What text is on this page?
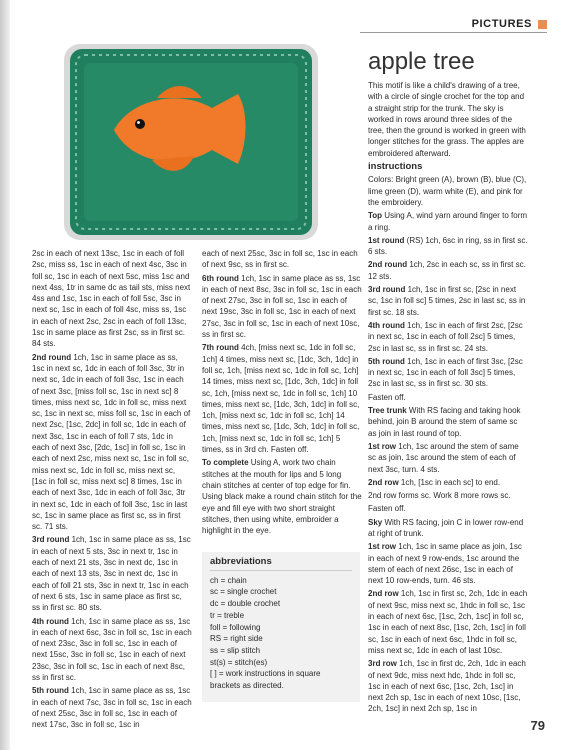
PICTURES

2sc in each of next 13sc, 1sc in each of foll 2sc, miss ss, 1sc in each of next 4sc, 3sc in foll sc, 1sc in each of next 5sc, miss 1sc and next 4ss, 1tr in same dc as tail sts, miss next 4ss and 1sc, 1sc in each of foll 5sc, 3sc in next sc, 1sc in each of foll 4sc, miss ss, 1sc in each of next 2sc, 2sc in each of foll 13sc, 1sc in same place as first 2sc, ss in first sc. 84 sts.

2nd round 1ch, 1sc in same place as ss, 1sc in next sc, 1dc in each of foll 3sc, 3tr in next sc, 1dc in each of foll 3sc, 1sc in each of next 3sc, [miss foll sc, 1sc in next sc] 8 times, miss next sc, 1dc in foll sc, miss next sc, 1sc in next sc, miss foll sc, 1sc in each of next 2sc, [1sc, 2dc] in foll sc, 1dc in each of next 3sc, 1sc in each of foll 7 sts, 1dc in each of next 3sc, [2dc, 1sc] in foll sc, 1sc in each of next 2sc, miss next sc, 1sc in foll sc, miss next sc, 1dc in foll sc, miss next sc, [1sc in foll sc, miss next sc] 8 times, 1sc in each of next 3sc, 1dc in each of foll 3sc, 3tr in next sc, 1dc in each of foll 3sc, 1sc in last sc, 1sc in same place as first sc, ss in first sc. 71 sts.

3rd round 1ch, 1sc in same place as ss, 1sc in each of next 5 sts, 3sc in next tr, 1sc in each of next 21 sts, 3sc in next dc, 1sc in each of next 13 sts, 3sc in next dc, 1sc in each of foll 21 sts, 3sc in next tr, 1sc in each of next 6 sts, 1sc in same place as first sc, ss in first sc. 80 sts.

4th round 1ch, 1sc in same place as ss, 1sc in each of next 6sc, 3sc in foll sc, 1sc in each of next 23sc, 3sc in foll sc, 1sc in each of next 15sc, 3sc in foll sc, 1sc in each of next 23sc, 3sc in foll sc, 1sc in each of next 8sc, ss in first sc.

5th round 1ch, 1sc in same place as ss, 1sc in each of next 7sc, 3sc in foll sc, 1sc in each of next 25sc, 3sc in foll sc, 1sc in each of next 17sc, 3sc in foll sc, 1sc in

each of next 25sc, 3sc in foll sc, 1sc in each of next 9sc, ss in first sc.

6th round 1ch, 1sc in same place as ss, 1sc in each of next 8sc, 3sc in foll sc, 1sc in each of next 27sc, 3sc in foll sc, 1sc in each of next 19sc, 3sc in foll sc, 1sc in each of next 27sc, 3sc in foll sc, 1sc in each of next 10sc, ss in first sc.

7th round 4ch, [miss next sc, 1dc in foll sc, 1ch] 4 times, miss next sc, [1dc, 3ch, 1dc] in foll sc, 1ch, [miss next sc, 1dc in foll sc, 1ch] 14 times, miss next sc, [1dc, 3ch, 1dc] in foll sc, 1ch, [miss next sc, 1dc in foll sc, 1ch] 10 times, miss next sc, [1dc, 3ch, 1dc] in foll sc, 1ch, [miss next sc, 1dc in foll sc, 1ch] 14 times, miss next sc, [1dc, 3ch, 1dc] in foll sc, 1ch, [miss next sc, 1dc in foll sc, 1ch] 5 times, ss in 3rd ch. Fasten off.

To complete Using A, work two chain stitches at the mouth for lips and 5 long chain stitches at center of top edge for fin. Using black make a round chain stitch for the eye and fill eye with two short straight stitches, then using white, embroider a highlight in the eye.

abbreviations

ch = chain

sc = single crochet

dc = double crochet

tr = treble

foll = following

RS = right side

ss = slip stitch

st(s) = stitch(es)

[ ] = work instructions in square brackets as directed.

apple tree

This motif is like a child's drawing of a tree, with a circle of single crochet for the top and a straight strip for the trunk. The sky is worked in rows around three sides of the tree, then the ground is worked in green with longer stitches for the grass. The apples are embroidered afterward.

instructions

Colors: Bright green (A), brown (B), blue (C), lime green (D), warm white (E), and pink for the embroidery.

Top Using A, wind yarn around finger to form a ring.

1st round (RS) 1ch, 6sc in ring, ss in first sc. 6 sts.

2nd round 1ch, 2sc in each sc, ss in first sc. 12 sts.

3rd round 1ch, 1sc in first sc, [2sc in next sc, 1sc in foll sc] 5 times, 2sc in last sc, ss in first sc. 18 sts.

4th round 1ch, 1sc in each of first 2sc, [2sc in next sc, 1sc in each of foll 2sc] 5 times, 2sc in last sc, ss in first sc. 24 sts.

5th round 1ch, 1sc in each of first 3sc, [2sc in next sc, 1sc in each of foll 3sc] 5 times, 2sc in last sc, ss in first sc. 30 sts.

Fasten off.

Tree trunk With RS facing and taking hook behind, join B around the stem of same sc as join in last round of top.

1st row 1ch, 1sc around the stem of same sc as join, 1sc around the stem of each of next 3sc, turn. 4 sts.

2nd row 1ch, [1sc in each sc] to end.

2nd row forms sc. Work 8 more rows sc.

Fasten off.

Sky With RS facing, join C in lower row-end at right of trunk.

1st row 1ch, 1sc in same place as join, 1sc in each of next 9 row-ends, 1sc around the stem of each of next 26sc, 1sc in each of next 10 row-ends, turn. 46 sts.

2nd row 1ch, 1sc in first sc, 2ch, 1dc in each of next 9sc, miss next sc, 1hdc in foll sc, 1sc in each of next 6sc, [1sc, 2ch, 1sc] in foll sc, 1sc in each of next 8sc, [1sc, 2ch, 1sc] in foll sc, 1sc in each of next 6sc, 1hdc in foll sc, miss next sc, 1dc in each of last 10sc.

3rd row 1ch, 1sc in first dc, 2ch, 1dc in each of next 9dc, miss next hdc, 1hdc in foll sc, 1sc in each of next 6sc, [1sc, 2ch, 1sc] in next 2ch sp, 1sc in each of next 10sc, [1sc, 2ch, 1sc] in next 2ch sp, 1sc in

79
